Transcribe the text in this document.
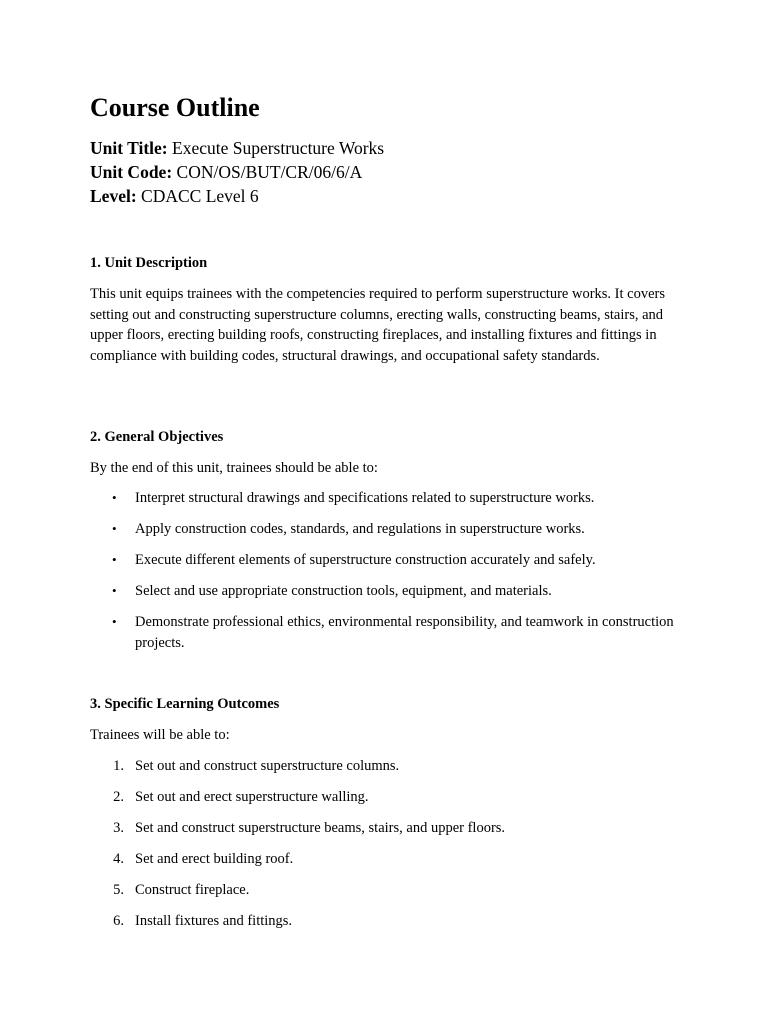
Course Outline
Unit Title: Execute Superstructure Works
Unit Code: CON/OS/BUT/CR/06/6/A
Level: CDACC Level 6
1. Unit Description

This unit equips trainees with the competencies required to perform superstructure works. It covers setting out and constructing superstructure columns, erecting walls, constructing beams, stairs, and upper floors, erecting building roofs, constructing fireplaces, and installing fixtures and fittings in compliance with building codes, structural drawings, and occupational safety standards.

2. General Objectives

By the end of this unit, trainees should be able to:

• Interpret structural drawings and specifications related to superstructure works.
• Apply construction codes, standards, and regulations in superstructure works.
• Execute different elements of superstructure construction accurately and safely.
• Select and use appropriate construction tools, equipment, and materials.
• Demonstrate professional ethics, environmental responsibility, and teamwork in construction projects.
3. Specific Learning Outcomes

Trainees will be able to:

1. Set out and construct superstructure columns.
2. Set out and erect superstructure walling.
3. Set and construct superstructure beams, stairs, and upper floors.
4. Set and erect building roof.
5. Construct fireplace.
6. Install fixtures and fittings.
